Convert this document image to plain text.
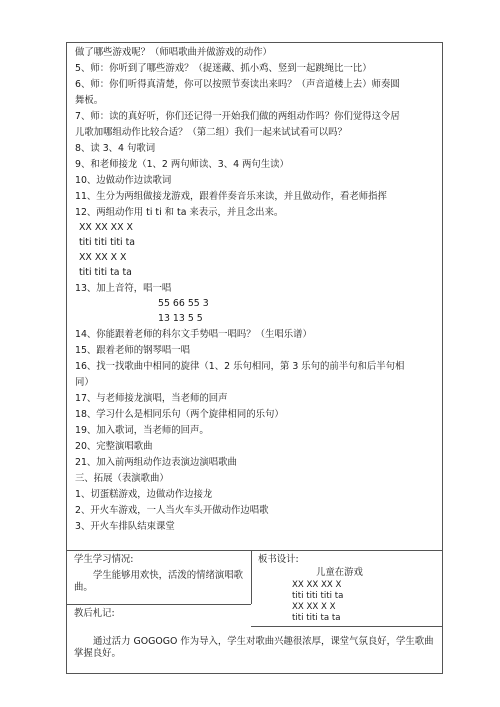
做了哪些游戏呢？（师唱歌曲并做游戏的动作）
5、师：你听到了哪些游戏？（捉迷藏、抓小鸡、竖到一起跳绳比一比）
6、师：你们听得真清楚，你可以按照节奏读出来吗？（声音道楼上去）师奏圆
舞板。
7、师：读的真好听，你们还记得一开始我们做的两组动作吗？你们觉得这令居
儿歌加哪组动作比较合适？（第二组）我们一起来试试看可以吗？
8、读 3、4 句歌词
9、和老师接龙（1、2 两句师读、3、4 两句生读）
10、边做动作边读歌词
11、生分为两组做接龙游戏，跟着伴奏音乐来读，并且做动作，看老师指挥
12、两组动作用 ti ti 和 ta 来表示，并且念出来。
XX XX XX X
titi titi titi ta
XX XX X X
titi titi ta ta
13、加上音符，唱一唱
55 66 55 3
13 13 5 5
14、你能跟着老师的科尔文手势唱一唱吗？（生唱乐谱）
15、跟着老师的钢琴唱一唱
16、找一找歌曲中相同的旋律（1、2 乐句相同，第 3 乐句的前半句和后半句相
同）
17、与老师接龙演唱，当老师的回声
18、学习什么是相同乐句（两个旋律相同的乐句）
19、加入歌词，当老师的回声。
20、完整演唱歌曲
21、加入前两组动作边表演边演唱歌曲
三、拓展（表演歌曲）
1、切蛋糕游戏，边做动作边接龙
2、开火车游戏，一人当火车头开做动作边唱歌
3、开火车排队结束课堂
学生学习情况:
学生能够用欢快，活泼的情绪演唱歌曲。
板书设计:
儿童在游戏
XX XX XX X
titi titi titi ta
XX XX X X
titi titi ta ta
教后札记:
通过活力 GOGOGO 作为导入，学生对歌曲兴趣很浓厚，课堂气氛良好，学生歌曲掌握良好。
